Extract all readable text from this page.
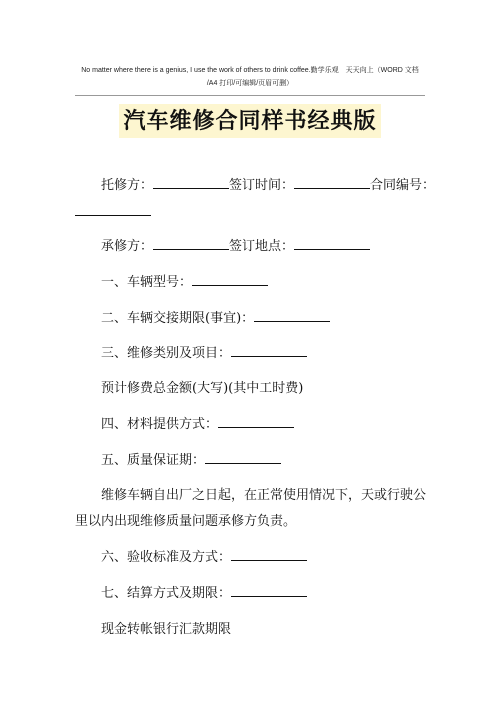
No matter where there is a genius, I use the work of others to drink coffee.勤学乐观　天天向上（WORD 文档
/A4 打印/可编辑/页眉可删）
汽车维修合同样书经典版
托修方：	签订时间：	合同编号：
承修方：	签订地点：
一、车辆型号：
二、车辆交接期限(事宜)：
三、维修类别及项目：
预计修费总金额(大写)(其中工时费)
四、材料提供方式：
五、质量保证期：
维修车辆自出厂之日起，在正常使用情况下，天或行驶公
里以内出现维修质量问题承修方负责。
六、验收标准及方式：
七、结算方式及期限：
现金转帐银行汇款期限
